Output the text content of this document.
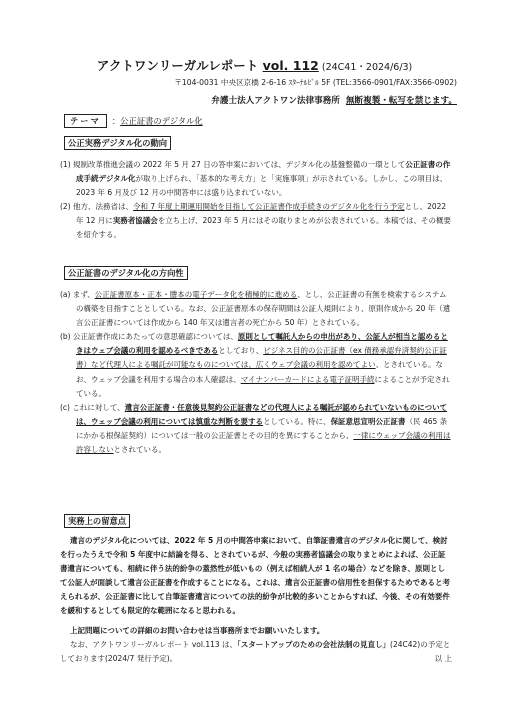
アクトワンリーガルレポート vol. 112 (24C41・2024/6/3)
〒104-0031 中央区京橋 2-6-16 ｽﾀｰﾅﾙﾋﾞﾙ 5F (TEL:3566-0901/FAX:3566-0902)
弁護士法人アクトワン法律事務所 無断複製・転写を禁じます。
テーマ	： 公正証書のデジタル化
公正実務デジタル化の動向

(1) 規制改革推進会議の 2022 年 5 月 27 日の答申案においては、デジタル化の基盤整備の一環として公正証書の作成手続デジタル化が取り上げられ、「基本的な考え方」と「実施事項」が示されている。しかし、この項目は、2023 年 6 月及び 12 月の中間答申には盛り込まれていない。

(2) 他方、法務省は、令和 7 年度上期運用開始を目指して公正証書作成手続きのデジタル化を行う予定とし、2022 年 12 月に実務者協議会を立ち上げ、2023 年 5 月にはその取りまとめが公表されている。本稿では、その概要を紹介する。

公正証書のデジタル化の方向性

(a) まず、公正証書原本・正本・謄本の電子データ化を積極的に進める、とし、公正証書の有無を検索するシステムの構築を目指すこととしている。なお、公正証書原本の保存期間は公証人規則により、原則作成から 20 年（遺言公正証書については作成から 140 年又は遺言者の死亡から 50 年）とされている。

(b) 公正証書作成にあたっての意思確認については、原則として嘱託人からの申出があり、公証人が相当と認めるときはウェブ会議の利用を認めるべきであるとしており、ビジネス目的の公正証書（ex 債務承認弁済契約公正証書）など代理人による嘱託が可能なものについては、広くウェブ会議の利用を認めてよい、とされている。なお、ウェッブ会議を利用する場合の本人確認は、マイナンバーカードによる電子証明手続によることが予定されている。

(c) これに対して、遺言公正証書・任意後見契約公正証書などの代理人による嘱託が認められていないものについては、ウェッブ会議の利用については慎重な判断を要するとしている。特に、保証意思宣明公正証書（民 465 条にかかる根保証契約）については一般の公正証書とその目的を異にすることから、一律にウェッブ会議の利用は許容しないとされている。

実務上の留意点

遺言のデジタル化については、2022 年 5 月の中間答申案において、自筆証書遺言のデジタル化に関して、検討を行ったうえで令和 5 年度中に結論を得る、とされているが、今般の実務者協議会の取りまとめによれば、公正証書遺言についても、相続に伴う法的紛争の蓋然性が低いもの（例えば相続人が 1 名の場合）などを除き、原則として公証人が面談して遺言公正証書を作成することになる。これは、遺言公正証書の信用性を担保するためであると考えられるが、公正証書に比して自筆証書遺言についての法的紛争が比較的多いことからすれば、今後、その有効要件を緩和するとしても限定的な範囲になると思われる。

上記問題についての詳細のお問い合わせは当事務所までお願いいたします。

なお、アクトワンリーガルレポート vol.113 は、「スタートアップのための会社法制の見直し」(24C42)の予定としております(2024/7 発行予定)。	以 上
